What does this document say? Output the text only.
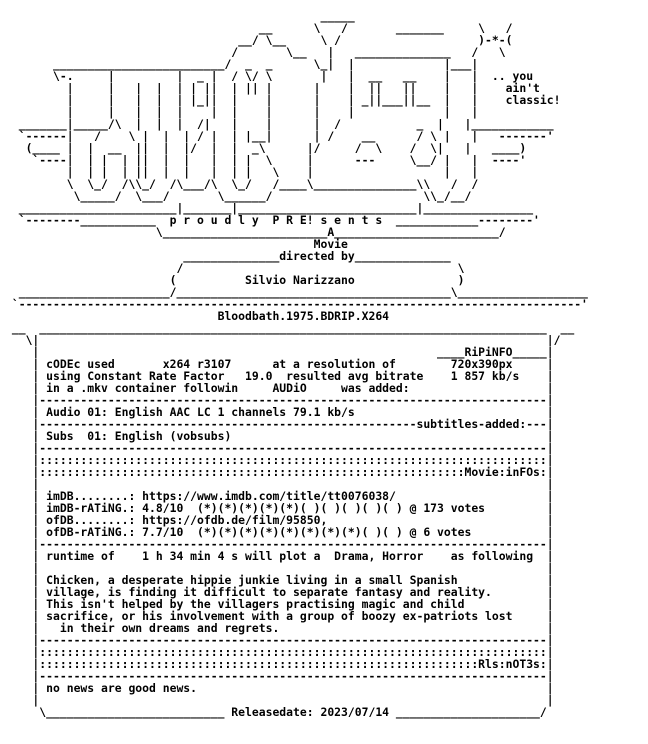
_____
__      \   /       _______     \   /
__/ \__     \ /                    )-*-(
/       \__   |   ______________   /   \
_________________________/  _  _      \_|  |             |___|
\-.     |         |  _ |  / \/ \       |   |  __   __    |   |  .. you
|     |   |  |  | | ||  | || |      |    |  ||   ||    |   |    ain't
|     |   |  |  | |_||  |    |      |    | _||___||__  |   |    classic!
|     |   |  |  |    |  |    |      |    |             |   |
_______|_____/\  |  |  |  /|   |    |      |  /           _  |   |____________
`------|   /    \ |  |  | / |  | |__|      | /    __      / \ |   |   -------'
(____ |  |  __  ||  |  |/  |  |  _\      |/     /  \    /  \|   |   ____)
`----|  | |  | ||  |  |   |  | |  \     |      ---     \__/ |   |  ----'
|  | |  | ||  |  |   |  | |   \    |                   |   |
\  \_/  /\\_/  /\___/\  \_/   /____\_______________\\   /  /
\_____/  \___/       \______/                      \\_/__/
_______________________|_______|__________________________|________________
`--------___________  p r o u d l y  P R E! s e n t s  ____________--------'
\________________________A________________________/
Movie
______________directed by______________
/                                        \
(          Silvio Narizzano               )
______________________/________________________________________\___________________
`----------------------------------------------------------------------------------'
Bloodbath.1975.BDRIP.X264
__  __________________________________________________________________________  __
\|                                                                          |/
|                                                          ____RiPiNFO_____|
| cODEc used       x264 r3107      at a resolution of        720x390px     |
| using Constant Rate Factor   19.0  resulted avg bitrate    1 857 kb/s    |
| in a .mkv container followin     AUDiO     was added:                    |
|--------------------------------------------------------------------------|
| Audio 01: English AAC LC 1 channels 79.1 kb/s                            |
|-------------------------------------------------------subtitles-added:---|
| Subs  01: English (vobsubs)                                              |
|--------------------------------------------------------------------------|
|::::::::::::::::::::::::::::::::::::::::::::::::::::::::::::::::::::::::::|
|::::::::::::::::::::::::::::::::::::::::::::::::::::::::::::::Movie:inFOs:|
|                                                                          |
| imDB........: https://www.imdb.com/title/tt0076038/                      |
| imDB-rATiNG.: 4.8/10  (*)(*)(*)(*)(*)( )( )( )( )( ) @ 173 votes         |
| ofDB........: https://ofdb.de/film/95850,                                |
| ofDB-rATiNG.: 7.7/10  (*)(*)(*)(*)(*)(*)(*)(*)( )( ) @ 6 votes           |
|--------------------------------------------------------------------------|
| runtime of    1 h 34 min 4 s will plot a  Drama, Horror    as following  |
|                                                                          |
| Chicken, a desperate hippie junkie living in a small Spanish             |
| village, is finding it difficult to separate fantasy and reality.        |
| This isn't helped by the villagers practising magic and child            |
| sacrifice, or his involvement with a group of boozy ex-patriots lost     |
|   in their own dreams and regrets.                                       |
|--------------------------------------------------------------------------|
|::::::::::::::::::::::::::::::::::::::::::::::::::::::::::::::::::::::::::|
|::::::::::::::::::::::::::::::::::::::::::::::::::::::::::::::::Rls:nOT3s:|
|--------------------------------------------------------------------------|
| no news are good news.                                                   |
|                                                                          |
\__________________________ Releasedate: 2023/07/14 _____________________/
